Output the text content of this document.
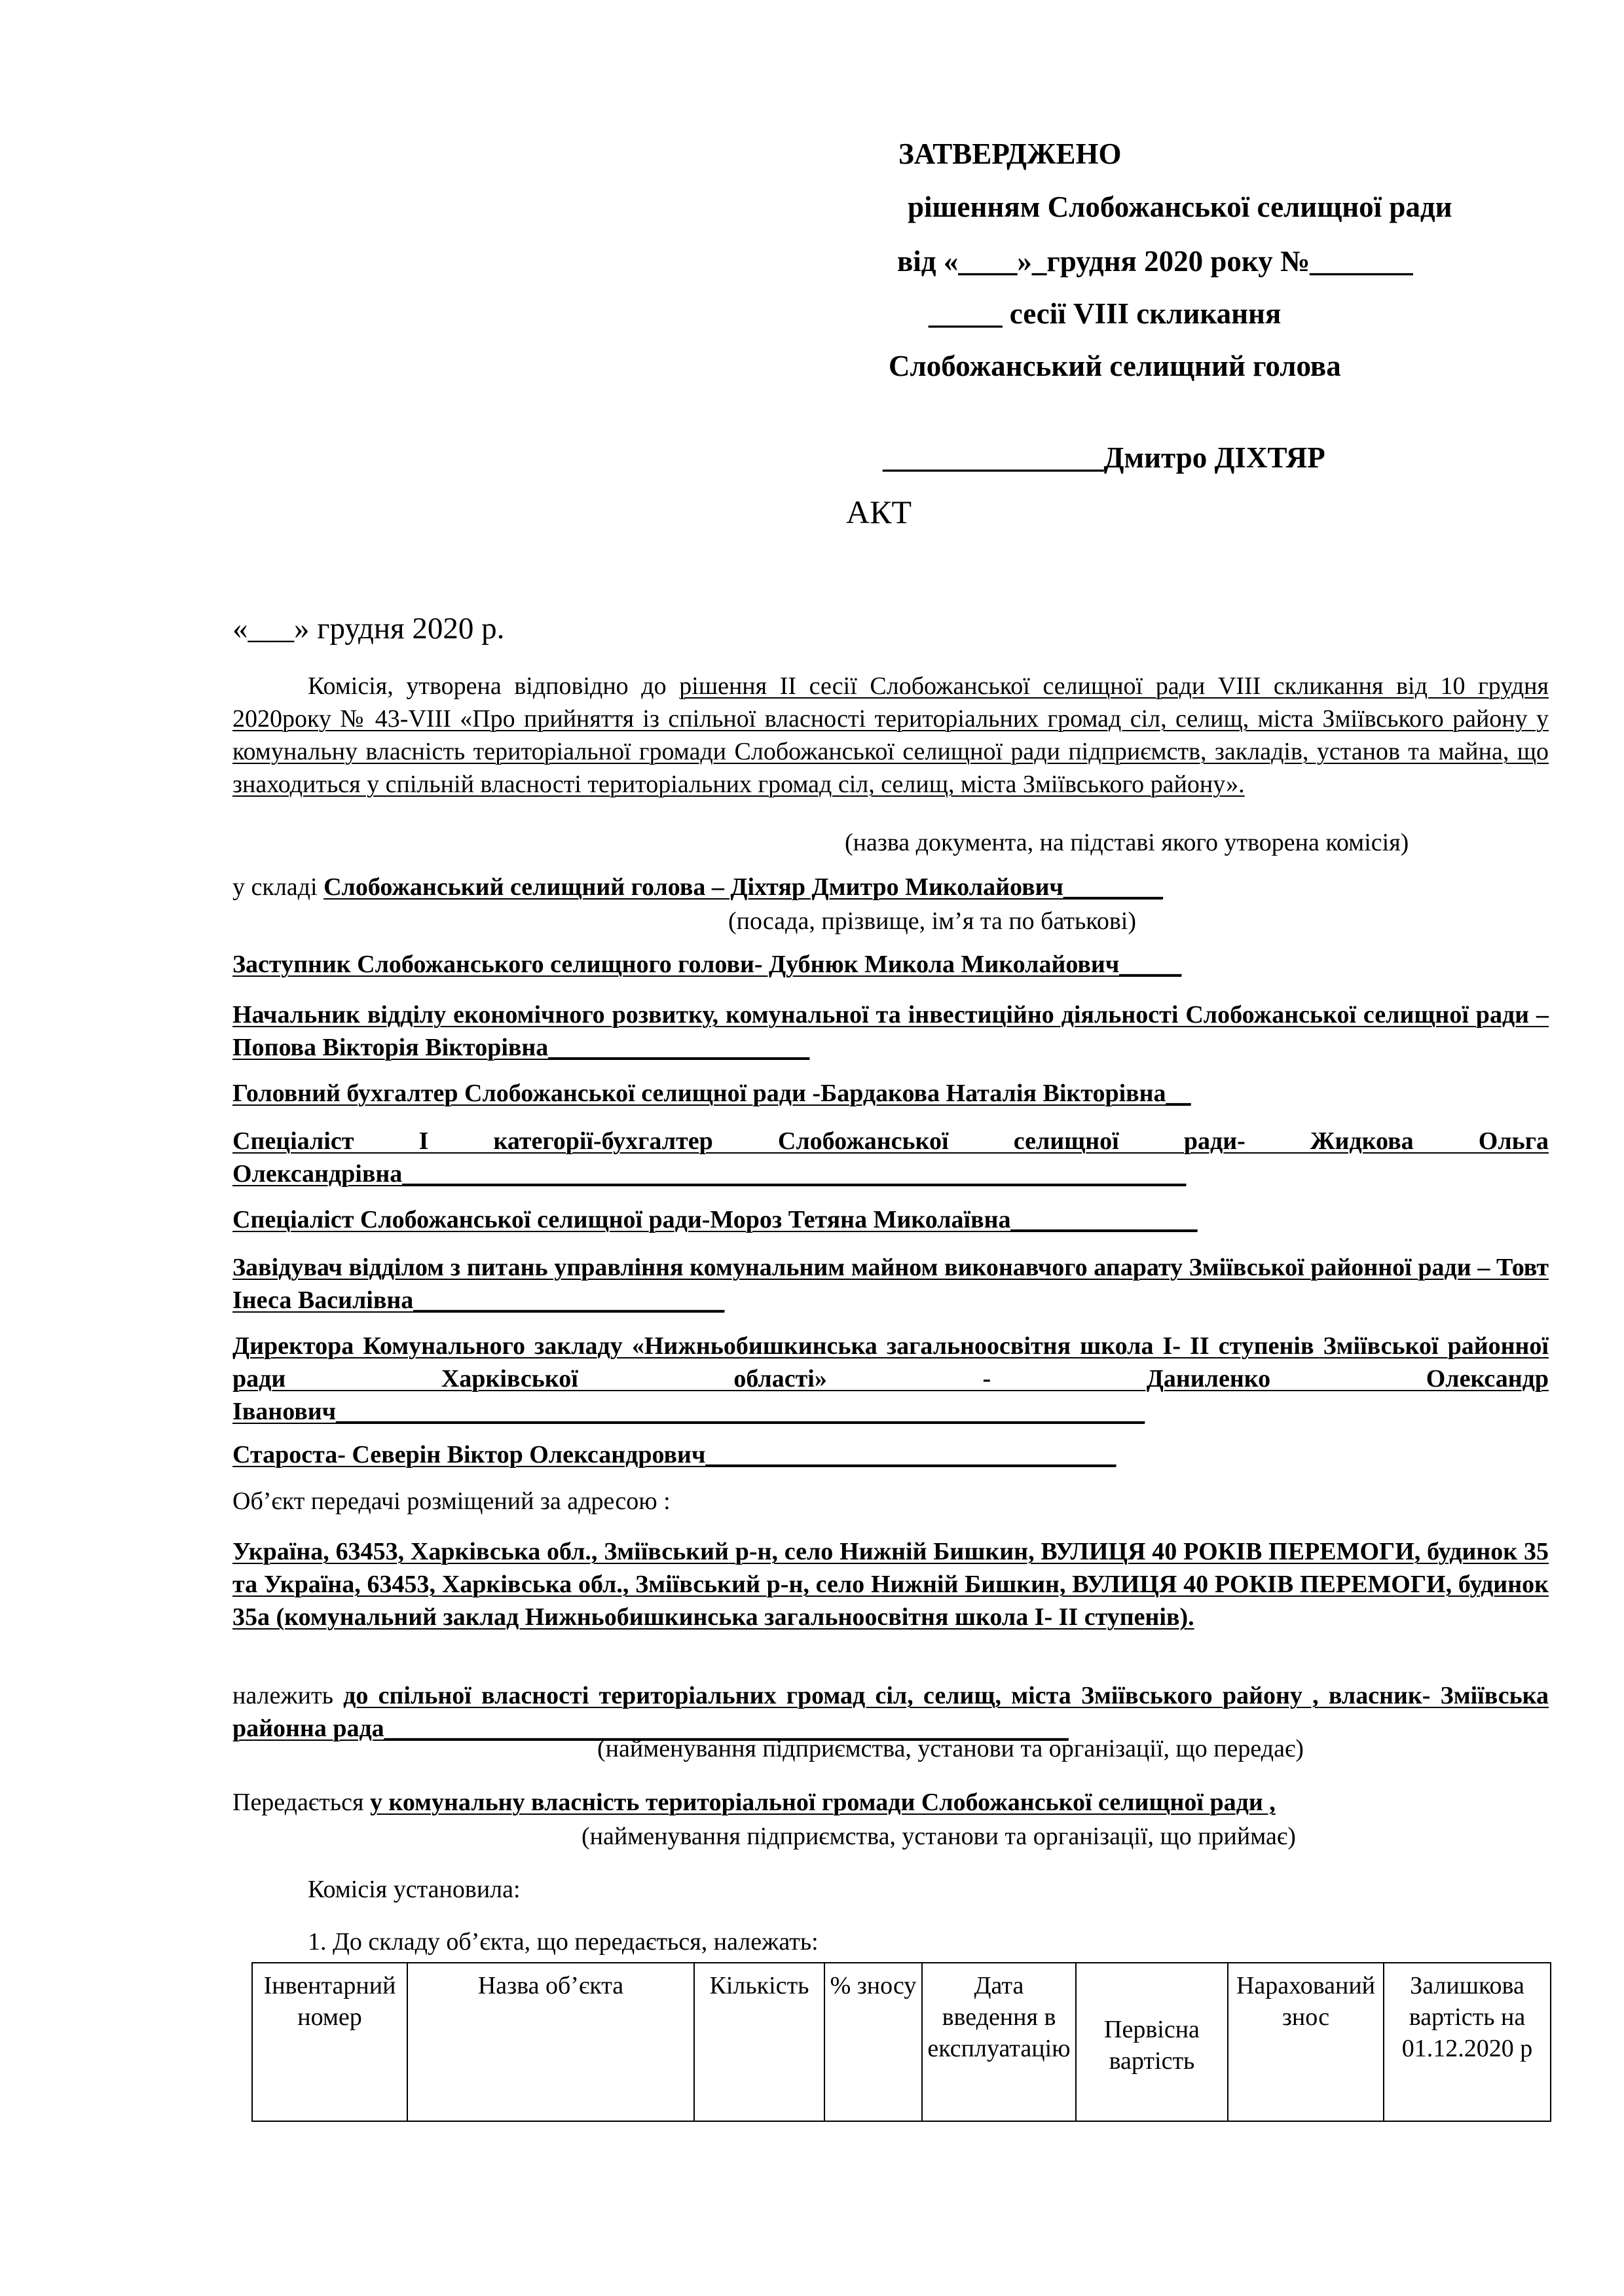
ЗАТВЕРДЖЕНО
рішенням Слобожанської селищної ради
від «____»_грудня 2020 року №_______
_____ сесії VIII скликання
Слобожанський селищний голова
_______________Дмитро ДІХТЯР
АКТ
«___» грудня 2020 р.
Комісія, утворена відповідно до рішення ІІ сесії Слобожанської селищної ради VIII скликання від 10 грудня 2020року № 43-VIII «Про прийняття із спільної власності територіальних громад сіл, селищ, міста Зміївського району у комунальну власність територіальної громади Слобожанської селищної ради підприємств, закладів, установ та майна, що знаходиться у спільній власності територіальних громад сіл, селищ, міста Зміївського району».
(назва документа, на підставі якого утворена комісія)
у складі Слобожанський селищний голова – Діхтяр Дмитро Миколайович________
(посада, прізвище, ім’я та по батькові)
Заступник Слобожанського селищного голови- Дубнюк Микола Миколайович_____
Начальник відділу економічного розвитку, комунальної та інвестиційно діяльності Слобожанської селищної ради – Попова Вікторія Вікторівна_____________________
Головний бухгалтер Слобожанської селищної ради -Бардакова Наталія Вікторівна__
Спеціаліст І категорії-бухгалтер Слобожанської селищної ради- Жидкова Ольга Олександрівна_______________________________________________________________
Спеціаліст Слобожанської селищної ради-Мороз Тетяна Миколаївна_______________
Завідувач відділом з питань управління комунальним майном виконавчого апарату Зміївської районної ради – Товт Інеса Василівна_________________________
Директора Комунального закладу «Нижньобишкинська загальноосвітня школа І- ІІ ступенів Зміївської районної ради Харківської області» - Даниленко Олександр Іванович_________________________________________________________________
Староста- Северін Віктор Олександрович_________________________________
Об’єкт передачі розміщений за адресою :
Україна, 63453, Харківська обл., Зміївський р-н, село Нижній Бишкин, ВУЛИЦЯ 40 РОКІВ ПЕРЕМОГИ, будинок 35 та Україна, 63453, Харківська обл., Зміївський р-н, село Нижній Бишкин, ВУЛИЦЯ 40 РОКІВ ПЕРЕМОГИ, будинок 35а (комунальний заклад Нижньобишкинська загальноосвітня школа І- ІІ ступенів).
належить до спільної власності територіальних громад сіл, селищ, міста Зміївського району , власник- Зміївська районна рада_______________________________________________________
(найменування підприємства, установи та організації, що передає)
Передається у комунальну власність територіальної громади Слобожанської селищної ради ,
(найменування підприємства, установи та організації, що приймає)
Комісія установила:
1. До складу об’єкта, що передається, належать:
Інвентарний номер	Назва об’єкта	Кількість	% зносу	Дата введення в експлуатацію	Первісна вартість	Нарахований знос	Залишкова вартість на 01.12.2020 р
